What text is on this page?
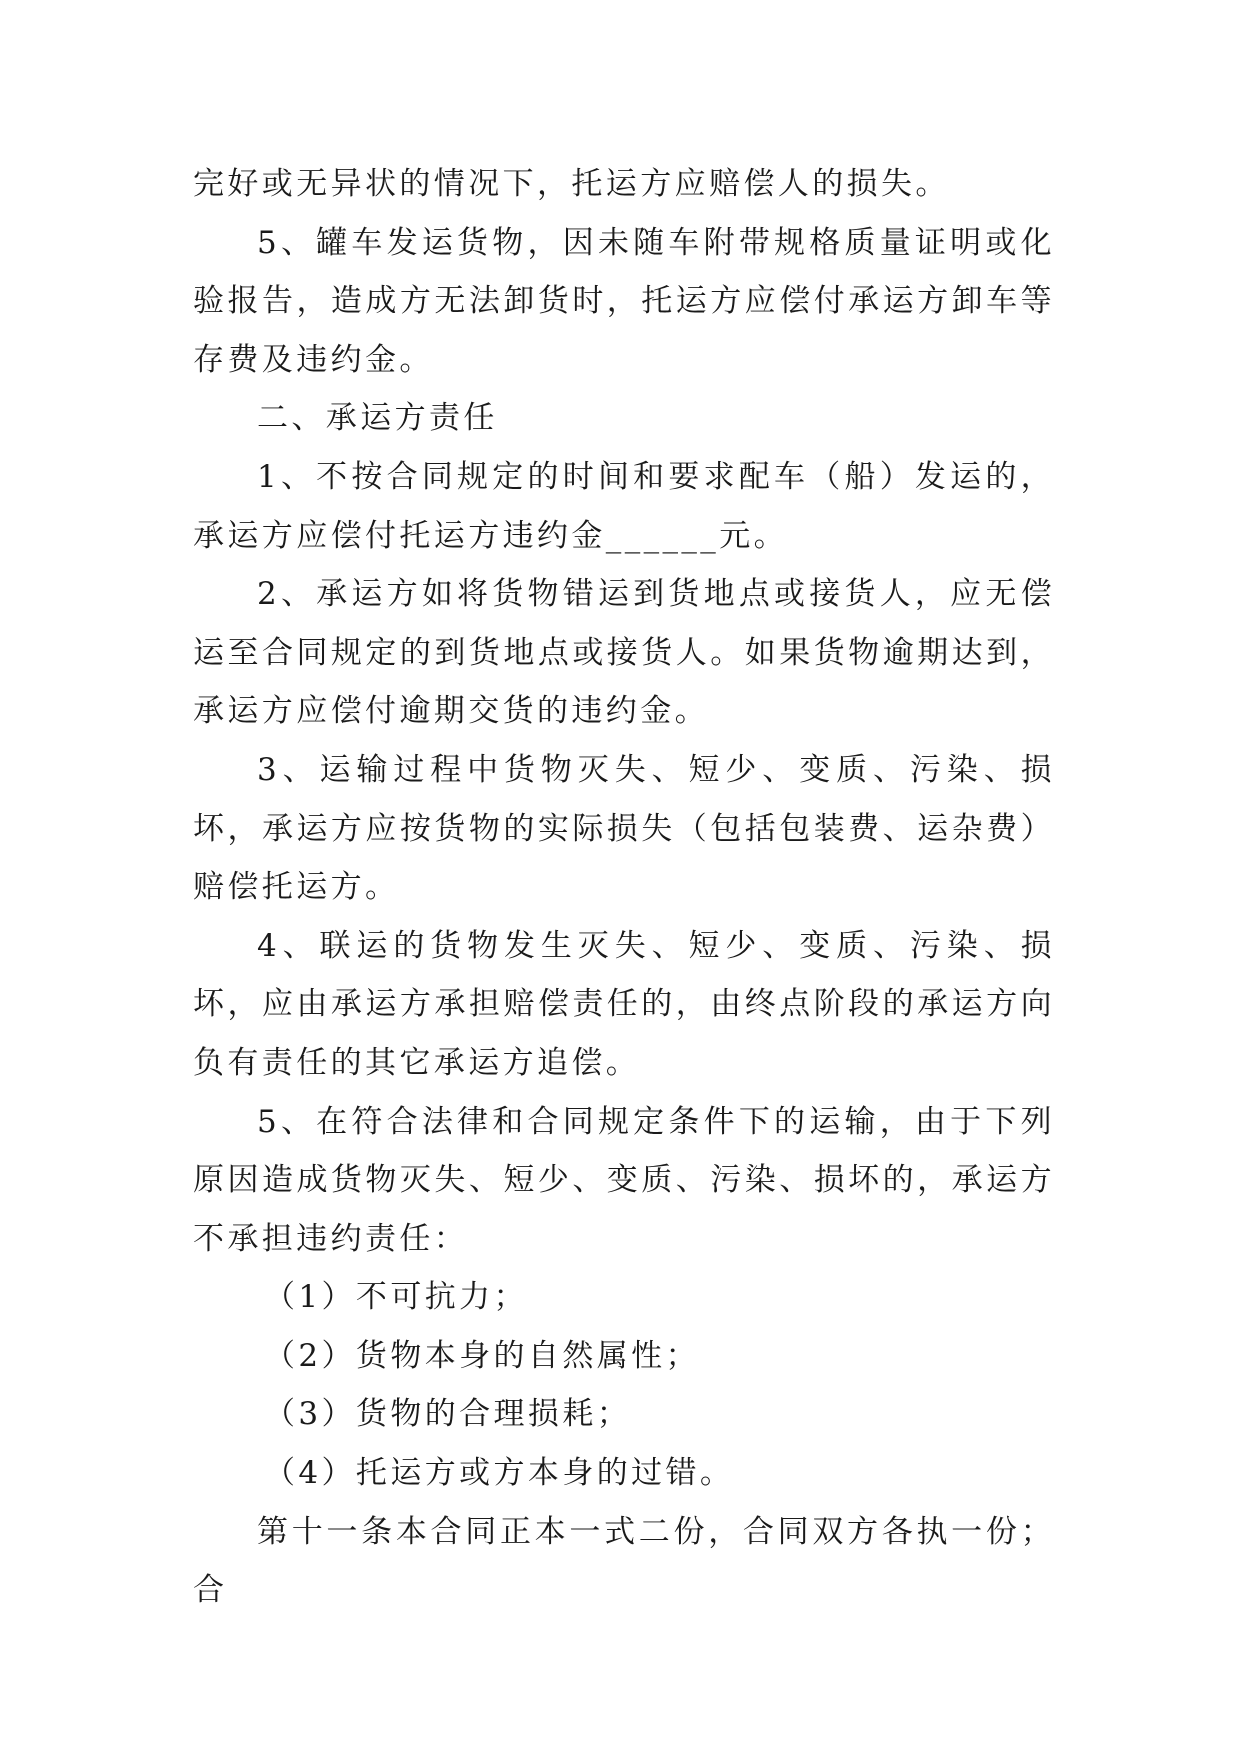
完好或无异状的情况下，托运方应赔偿人的损失。

5、罐车发运货物，因未随车附带规格质量证明或化验报告，造成方无法卸货时，托运方应偿付承运方卸车等存费及违约金。

二、承运方责任

1、不按合同规定的时间和要求配车（船）发运的，承运方应偿付托运方违约金______元。

2、承运方如将货物错运到货地点或接货人，应无偿运至合同规定的到货地点或接货人。如果货物逾期达到，承运方应偿付逾期交货的违约金。

3、运输过程中货物灭失、短少、变质、污染、损坏，承运方应按货物的实际损失（包括包装费、运杂费）赔偿托运方。

4、联运的货物发生灭失、短少、变质、污染、损坏，应由承运方承担赔偿责任的，由终点阶段的承运方向负有责任的其它承运方追偿。

5、在符合法律和合同规定条件下的运输，由于下列原因造成货物灭失、短少、变质、污染、损坏的，承运方不承担违约责任：

（1）不可抗力；

（2）货物本身的自然属性；

（3）货物的合理损耗；

（4）托运方或方本身的过错。

第十一条本合同正本一式二份，合同双方各执一份；合
